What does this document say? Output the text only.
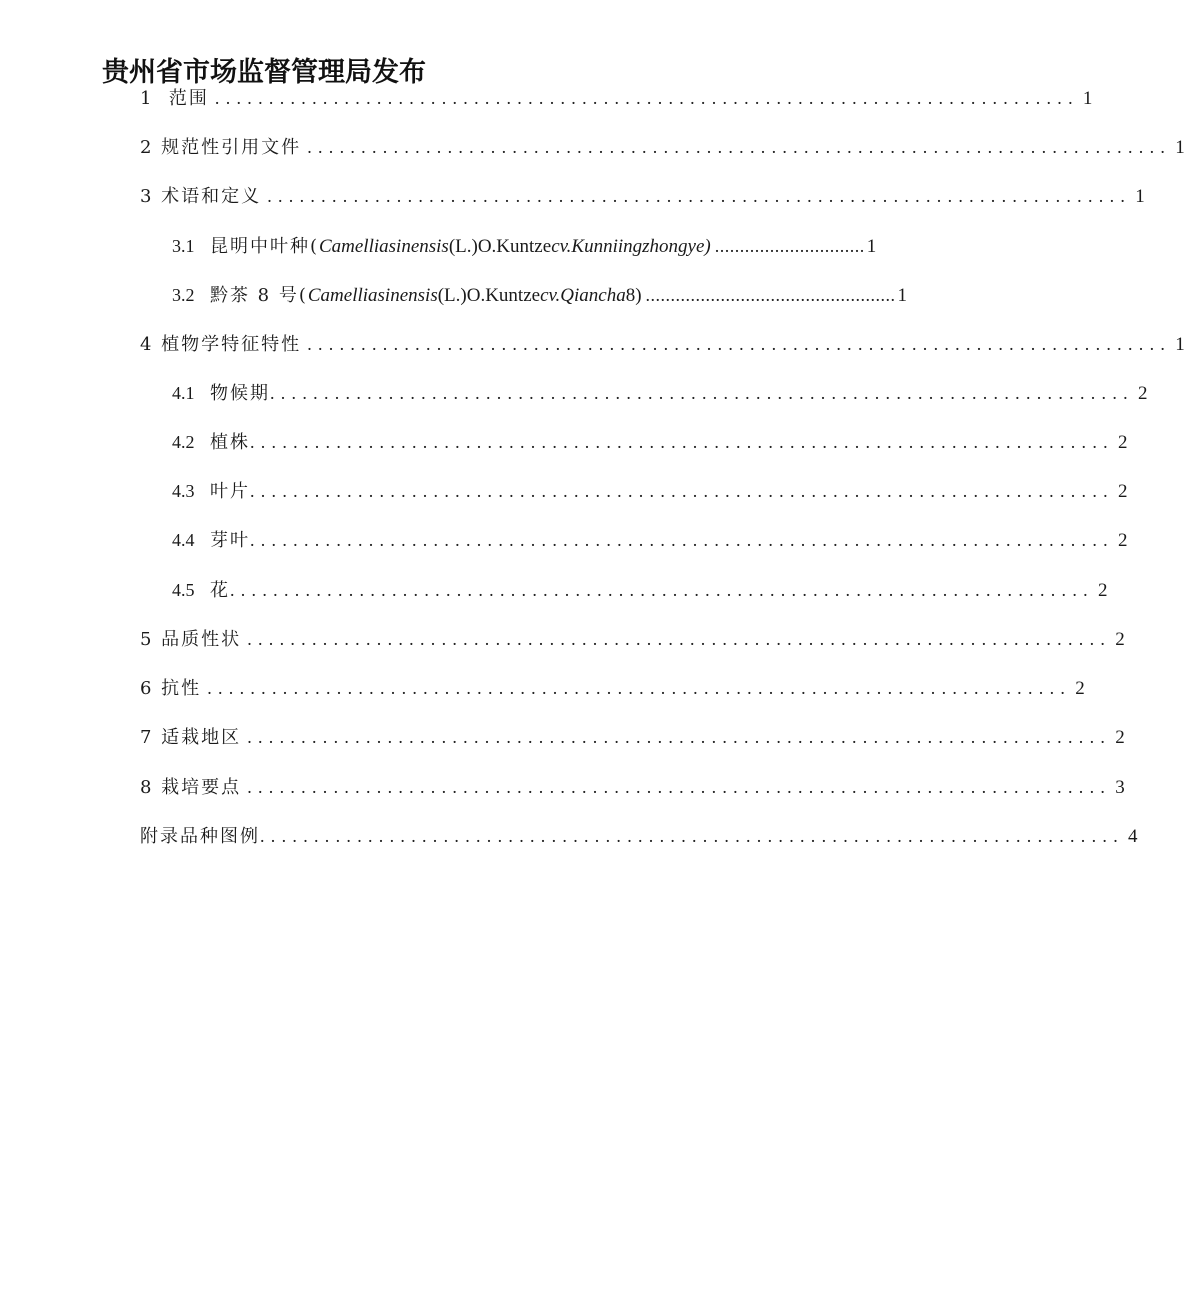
贵州省市场监督管理局发布
1  范围 ................................................................................ 1
2 规范性引用文件 ................................................................................ 1
3 术语和定义 ................................................................................ 1
3.1 昆明中叶种(Camelliasinensis(L.)O.Kuntzecv.Kunniingzhongye) .............................. 1
3.2 黔茶 8 号(Camelliasinensis(L.)O.Kuntzecv.Qiancha8) .................................................. 1
4 植物学特征特性 ................................................................................ 1
4.1 物候期 ................................................................................ 2
4.2 植株 ................................................................................ 2
4.3 叶片 ................................................................................ 2
4.4 芽叶 ................................................................................ 2
4.5 花 ................................................................................ 2
5 品质性状 ................................................................................ 2
6 抗性 ................................................................................ 2
7 适栽地区 ................................................................................ 2
8 栽培要点 ................................................................................ 3
附录品种图例 ................................................................................ 4
